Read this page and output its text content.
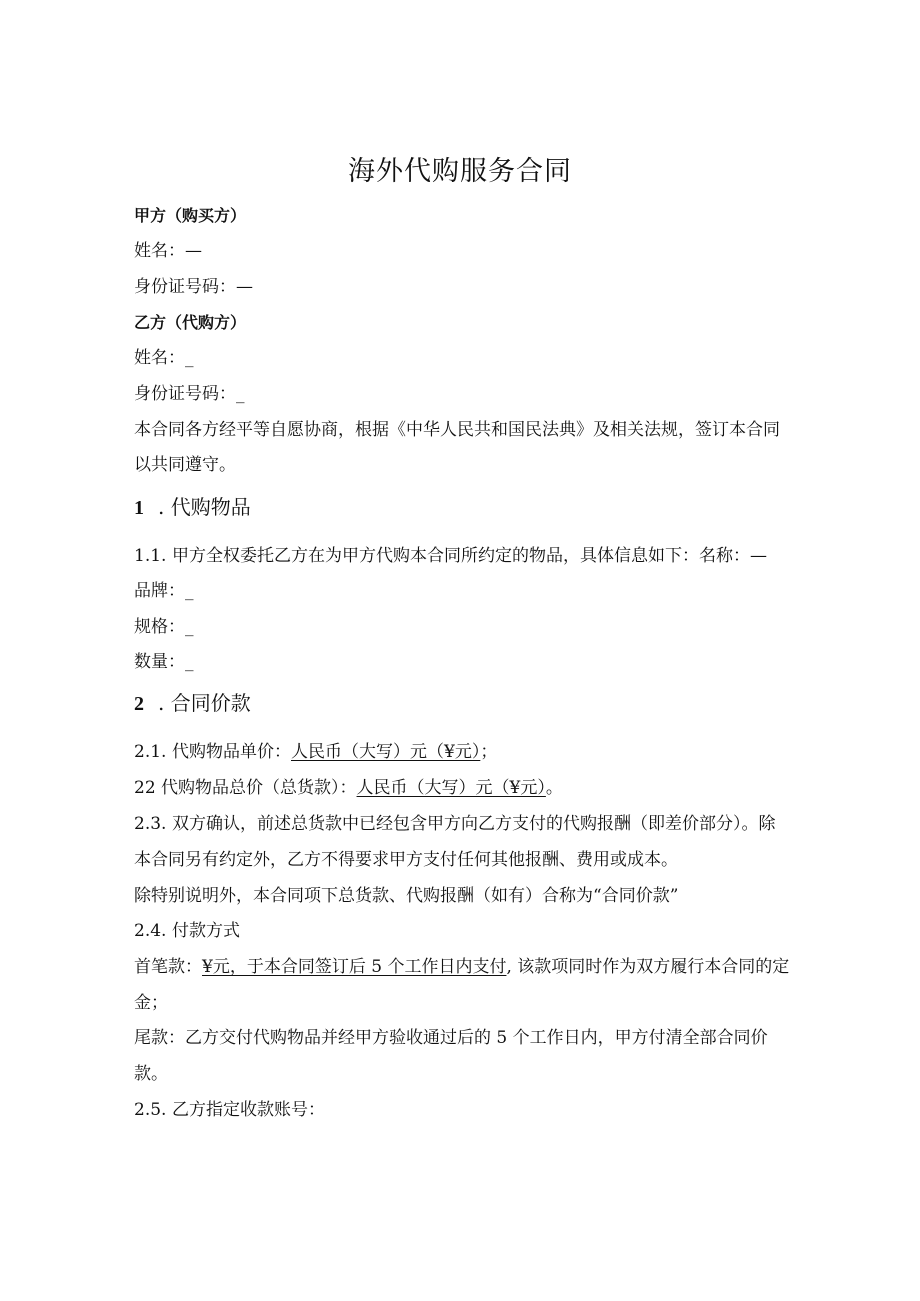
海外代购服务合同
甲方（购买方）
姓名：—
身份证号码：—
乙方（代购方）
姓名：_
身份证号码：_
本合同各方经平等自愿协商，根据《中华人民共和国民法典》及相关法规，签订本合同
以共同遵守。
1 . 代购物品
1.1. 甲方全权委托乙方在为甲方代购本合同所约定的物品，具体信息如下：名称：—
品牌：_
规格：_
数量：_
2 . 合同价款
2.1. 代购物品单价：人民币（大写）元（¥元）；
22 代购物品总价（总货款）：人民币（大写）元（¥元）。
2.3. 双方确认，前述总货款中已经包含甲方向乙方支付的代购报酬（即差价部分）。除
本合同另有约定外，乙方不得要求甲方支付任何其他报酬、费用或成本。
除特别说明外，本合同项下总货款、代购报酬（如有）合称为“合同价款”
2.4. 付款方式
首笔款：¥元，于本合同签订后 5 个工作日内支付, 该款项同时作为双方履行本合同的定
金；
尾款：乙方交付代购物品并经甲方验收通过后的 5 个工作日内，甲方付清全部合同价
款。
2.5. 乙方指定收款账号：
